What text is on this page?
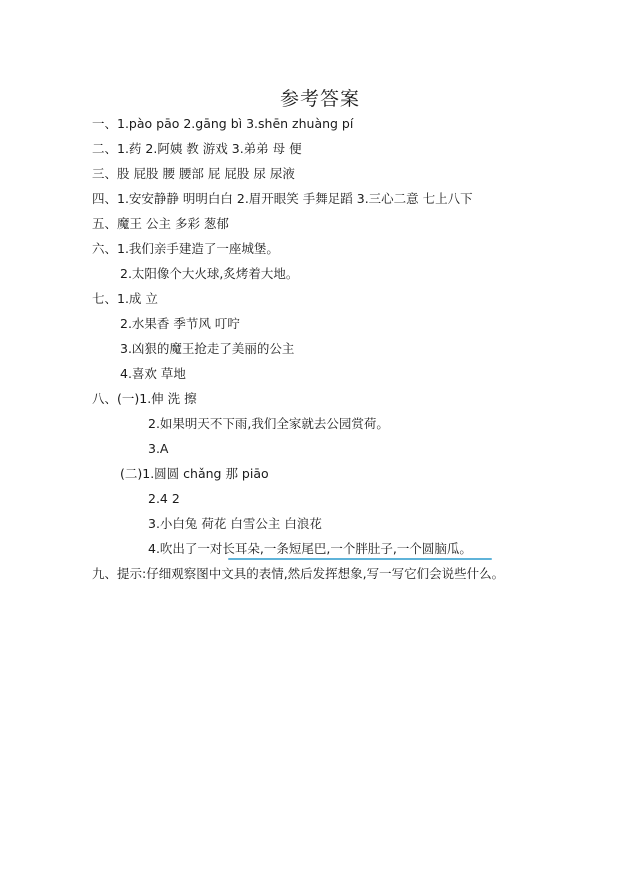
参考答案
一、1.pào pāo 2.gāng bì 3.shēn zhuàng pí
二、1.药 2.阿姨 教 游戏 3.弟弟 母 便
三、股 屁股 腰 腰部 屁 屁股 尿 尿液
四、1.安安静静 明明白白 2.眉开眼笑 手舞足蹈 3.三心二意 七上八下
五、魔王 公主 多彩 葱郁
六、1.我们亲手建造了一座城堡。
2.太阳像个大火球,炙烤着大地。
七、1.成 立
2.水果香 季节风 叮咛
3.凶狠的魔王抢走了美丽的公主
4.喜欢 草地
八、(一)1.伸 洗 擦
2.如果明天不下雨,我们全家就去公园赏荷。
3.A
(二)1.圆圆 chǎng 那 piāo
2.4 2
3.小白兔 荷花 白雪公主 白浪花
4.吹出了一对长耳朵,一条短尾巴,一个胖肚子,一个圆脑瓜。
九、提示:仔细观察图中文具的表情,然后发挥想象,写一写它们会说些什么。
